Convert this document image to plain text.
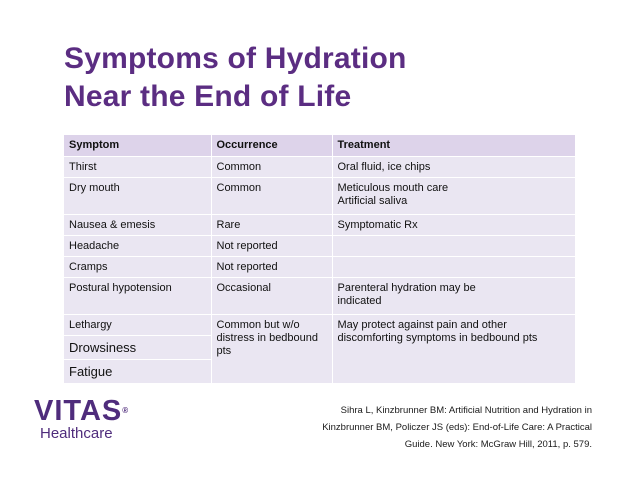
Symptoms of Hydration
Near the End of Life
Symptom	Occurrence	Treatment
Thirst	Common	Oral fluid, ice chips
Dry mouth	Common	Meticulous mouth care
Artificial saliva

Nausea & emesis	Rare	Symptomatic Rx
Headache	Not reported	
Cramps	Not reported	
Postural hypotension	Occasional	Parenteral hydration may be
indicated

Lethargy	Common but w/o distress in bedbound pts	May protect against pain and other discomforting symptoms in bedbound pts
Drowsiness		
Fatigue		
VITAS®
Healthcare
Sihra L, Kinzbrunner BM: Artificial Nutrition and Hydration in
Kinzbrunner BM, Policzer JS (eds): End-of-Life Care: A Practical
Guide. New York: McGraw Hill, 2011, p. 579.
